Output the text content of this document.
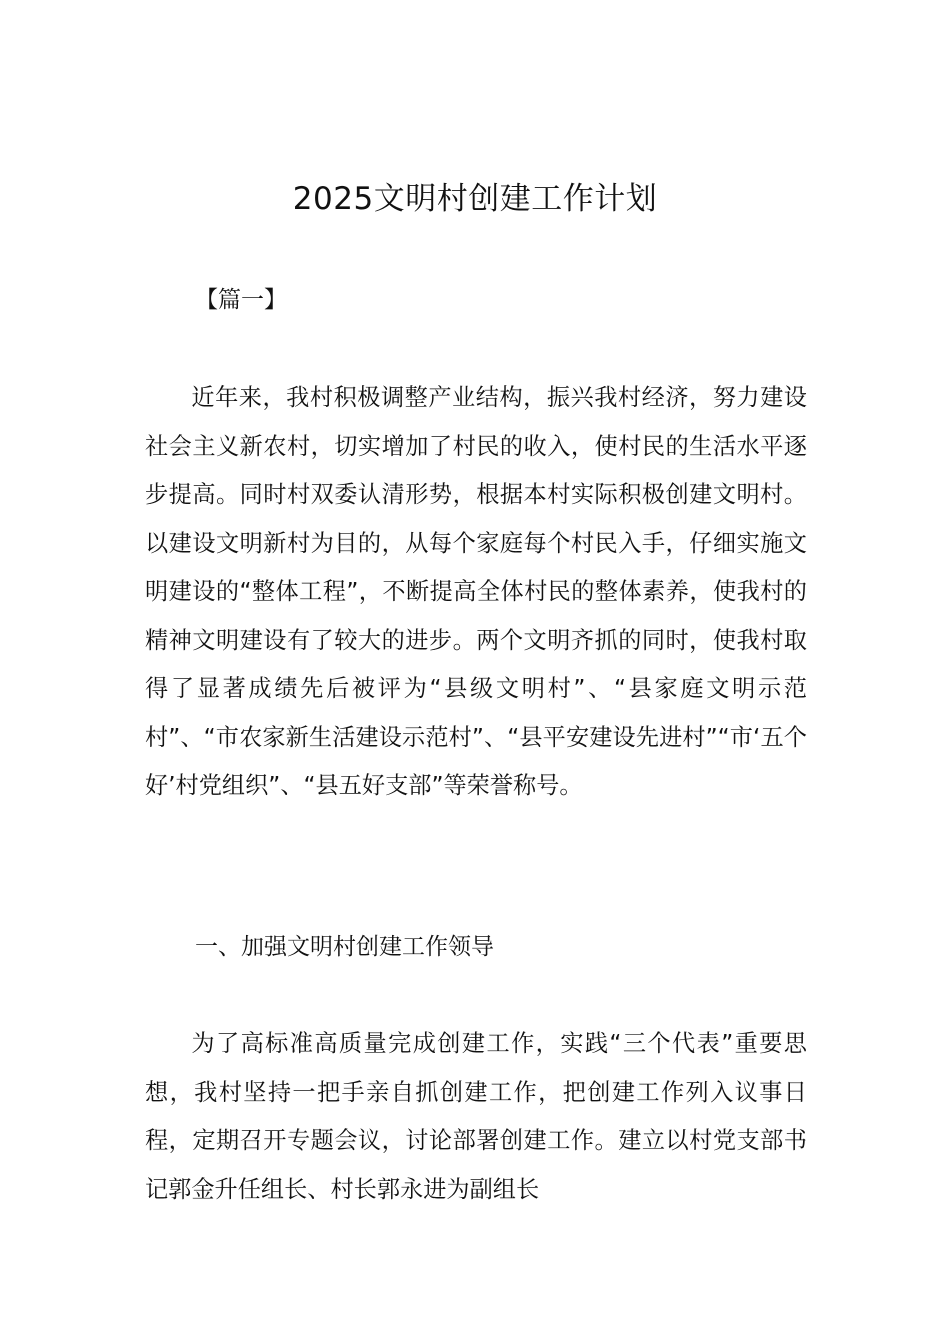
2025文明村创建工作计划
【篇一】

近年来，我村积极调整产业结构，振兴我村经济，努力建设社会主义新农村，切实增加了村民的收入，使村民的生活水平逐步提高。同时村双委认清形势，根据本村实际积极创建文明村。以建设文明新村为目的，从每个家庭每个村民入手，仔细实施文明建设的“整体工程”，不断提高全体村民的整体素养，使我村的精神文明建设有了较大的进步。两个文明齐抓的同时，使我村取得了显著成绩先后被评为“县级文明村”、“县家庭文明示范村”、“市农家新生活建设示范村”、“县平安建设先进村”“市‘五个好’村党组织”、“县五好支部”等荣誉称号。

一、加强文明村创建工作领导

为了高标准高质量完成创建工作，实践“三个代表”重要思想，我村坚持一把手亲自抓创建工作，把创建工作列入议事日程，定期召开专题会议，讨论部署创建工作。建立以村党支部书记郭金升任组长、村长郭永进为副组长
